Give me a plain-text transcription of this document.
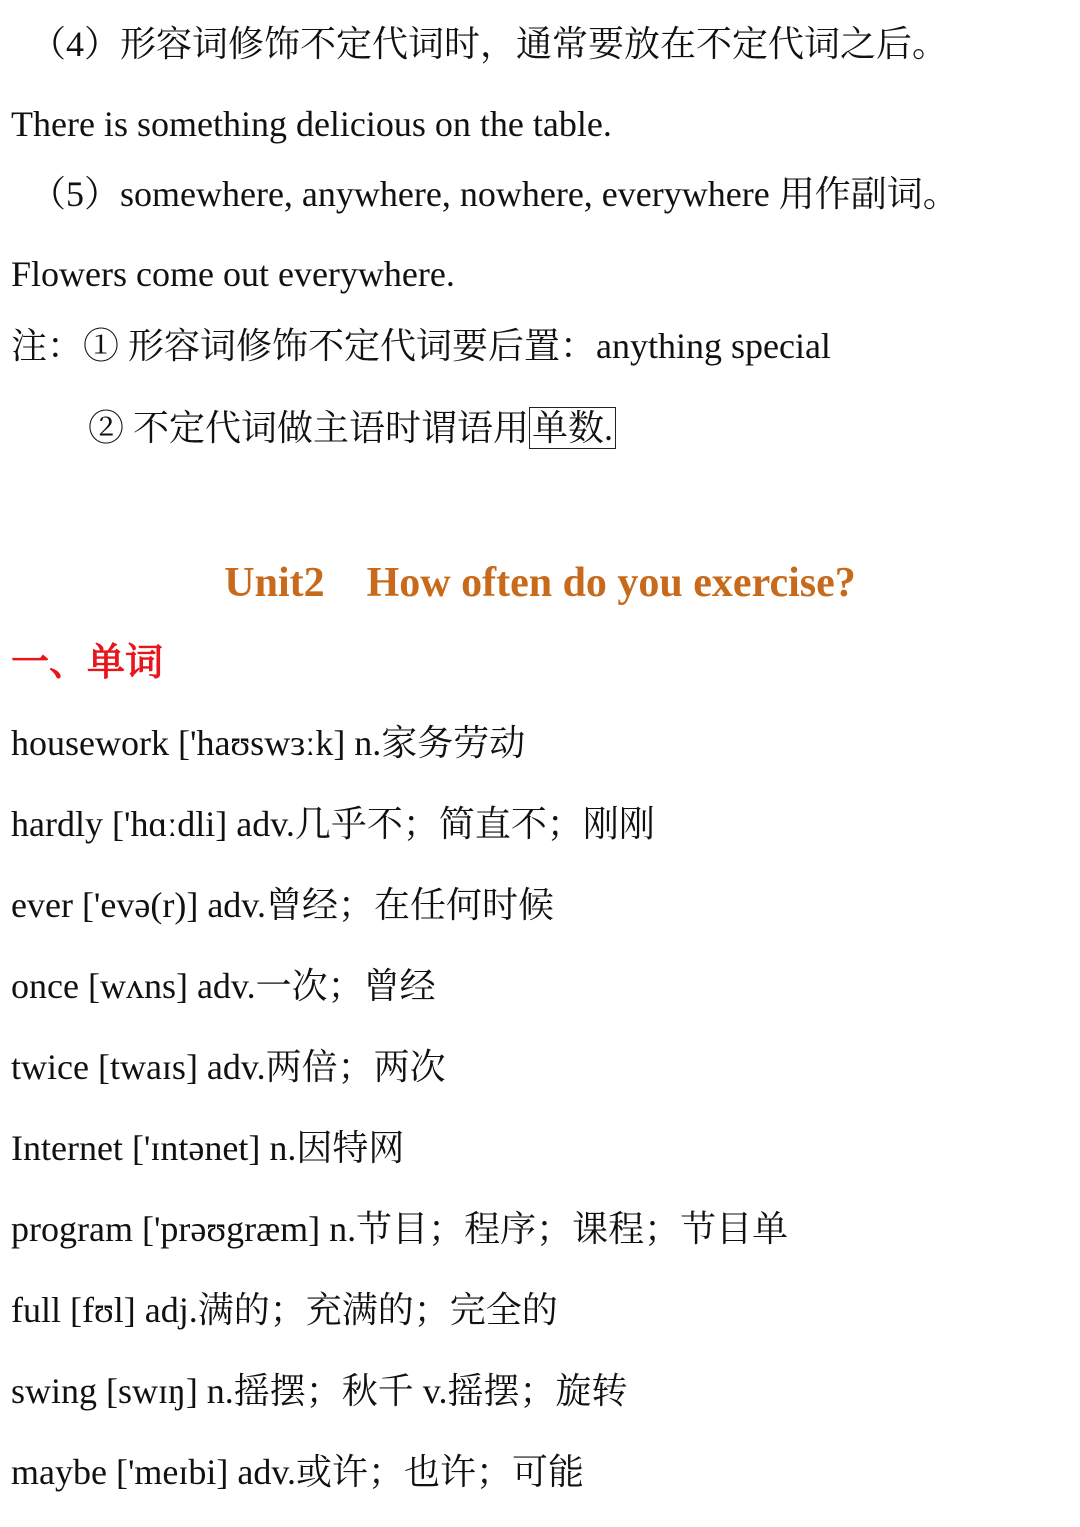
（4）形容词修饰不定代词时，通常要放在不定代词之后。
There is something delicious on the table.
（5）somewhere, anywhere, nowhere, everywhere 用作副词。
Flowers come out everywhere.
注：① 形容词修饰不定代词要后置：anything special
② 不定代词做主语时谓语用单数.
Unit2    How often do you exercise?
一、单词
housework ['haʊswɜːk] n.家务劳动
hardly ['hɑːdli] adv.几乎不；简直不；刚刚
ever ['evə(r)] adv.曾经；在任何时候
once [wʌns] adv.一次；曾经
twice [twaɪs] adv.两倍；两次
Internet ['ɪntənet] n.因特网
program ['prəʊgræm] n.节目；程序；课程；节目单
full [fʊl] adj.满的；充满的；完全的
swing [swɪŋ] n.摇摆；秋千 v.摇摆；旋转
maybe ['meɪbi] adv.或许；也许；可能
